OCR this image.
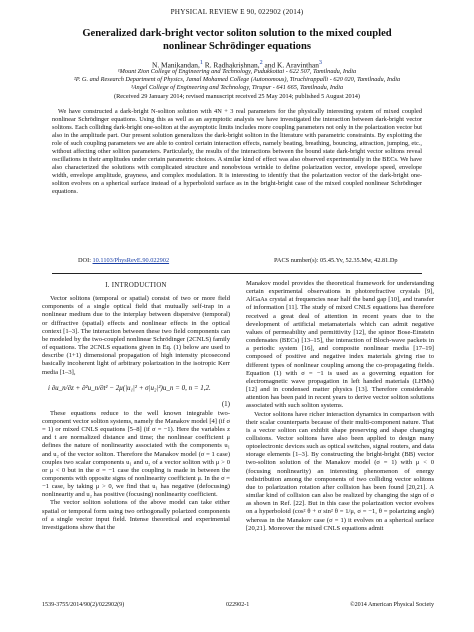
PHYSICAL REVIEW E 90, 022902 (2014)
Generalized dark-bright vector soliton solution to the mixed coupled nonlinear Schrödinger equations
N. Manikandan,$^1$ R. Radhakrishnan,$^2$ and K. Aravinthan$^3$
¹Mount Zion College of Engineering and Technology, Pudukkottai - 622 507, Tamilnadu, India
²P. G. and Research Department of Physics, Jamal Mohamed College (Autonomous), Tiruchirappalli - 620 020, Tamilnadu, India
³Angel College of Engineering and Technology, Tirupur - 641 665, Tamilnadu, India
(Received 29 January 2014; revised manuscript received 25 May 2014; published 5 August 2014)
We have constructed a dark-bright N-soliton solution with 4N + 3 real parameters for the physically interesting system of mixed coupled nonlinear Schrödinger equations. Using this as well as an asymptotic analysis we have investigated the interaction between dark-bright vector solitons. Each colliding dark-bright one-soliton at the asymptotic limits includes more coupling parameters not only in the polarization vector but also in the amplitude part. Our present solution generalizes the dark-bright soliton in the literature with parametric constraints. By exploiting the role of such coupling parameters we are able to control certain interaction effects, namely beating, breathing, bouncing, attraction, jumping, etc., without affecting other soliton parameters. Particularly, the results of the interactions between the bound state dark-bright vector solitons reveal oscillations in their amplitudes under certain parametric choices. A similar kind of effect was also observed experimentally in the BECs. We have also characterized the solutions with complicated structure and nonobvious wrinkle to define polarization vector, envelope speed, envelope width, envelope amplitude, grayness, and complex modulation. It is interesting to identify that the polarization vector of the dark-bright one-soliton evolves on a spherical surface instead of a hyperboloid surface as in the bright-bright case of the mixed coupled nonlinear Schrödinger equations.
DOI: 10.1103/PhysRevE.90.022902	PACS number(s): 05.45.Yv, 52.35.Mw, 42.81.Dp
I. INTRODUCTION

Vector solitons (temporal or spatial) consist of two or more field components of a single optical field that mutually self-trap in a nonlinear medium due to the interplay between dispersive (temporal) or diffractive (spatial) effects and nonlinear effects in the optical context [1–3]. The interaction between these two field components can be modeled by the two-coupled nonlinear Schrödinger (2CNLS) family of equations. The 2CNLS equations given in Eq. (1) below are used to describe (1+1) dimensional propagation of high intensity picosecond basically incoherent light of arbitrary polarization in the isotropic Kerr media [1–3],

i ∂u_n/∂z + ∂²u_n/∂t² − 2μ(|u₁|² + σ|u₂|²)u_n = 0, n = 1,2.
(1)

These equations reduce to the well known integrable two-component vector soliton systems, namely the Manakov model [4] (if σ = 1) or mixed CNLS equations [5–8] (if σ = −1). Here the variables z and t are normalized distance and time; the nonlinear coefficient μ defines the nature of nonlinearity associated with the components u₁ and u₂ of the vector soliton. Therefore the Manakov model (σ = 1 case) couples two scalar components u₁ and u₂ of a vector soliton with μ > 0 or μ < 0 but in the σ = −1 case the coupling is made in between the components with opposite signs of nonlinearity coefficient μ. In the σ = −1 case, by taking μ > 0, we find that u₁ has negative (defocusing) nonlinearity and u₂ has positive (focusing) nonlinearity coefficient.

The vector soliton solutions of the above model can take either spatial or temporal form using two orthogonally polarized components of a single vector input field. Intense theoretical and experimental investigations show that the

Manakov model provides the theoretical framework for understanding certain experimental observations in photorefractive crystals [9], AlGaAs crystal at frequencies near half the band gap [10], and transfer of information [11]. The study of mixed CNLS equations has therefore received a great deal of attention in recent years due to the development of artificial metamaterials which can admit negative values of permeability and permittivity [12], the spinor Bose-Einstein condensates (BECs) [13–15], the interaction of Bloch-wave packets in a periodic system [16], and composite nonlinear media [17–19] composed of positive and negative index materials giving rise to different types of nonlinear coupling among the co-propagating fields. Equation (1) with σ = −1 is used as a governing equation for electromagnetic wave propagation in left handed materials (LHMs) [12] and in condensed matter physics [13]. Therefore considerable attention has been paid in recent years to derive vector soliton solutions associated with such soliton systems.

Vector solitons have richer interaction dynamics in comparison with their scalar counterparts because of their multi-component nature. That is a vector soliton can exhibit shape preserving and shape changing collisions. Vector solitons have also been applied to design many optoelectronic devices such as optical switches, signal routers, and data storage elements [1–3]. By constructing the bright-bright (BB) vector two-soliton solution of the Manakov model (σ = 1) with μ < 0 (focusing nonlinearity) an interesting phenomenon of energy redistribution among the components of two colliding vector solitons due to polarization rotation after collision has been found [20,21]. A similar kind of collision can also be realized by changing the sign of σ as shown in Ref. [22]. But in this case the polarization vector evolves on a hyperboloid (cos² θ + σ sin² θ = 1/μ, σ = −1, θ = polarizing angle) whereas in the Manakov case (σ = 1) it evolves on a spherical surface [20,21]. Moreover the mixed CNLS equations admit

1539-3755/2014/90(2)/022902(9)	022902-1	©2014 American Physical Society
